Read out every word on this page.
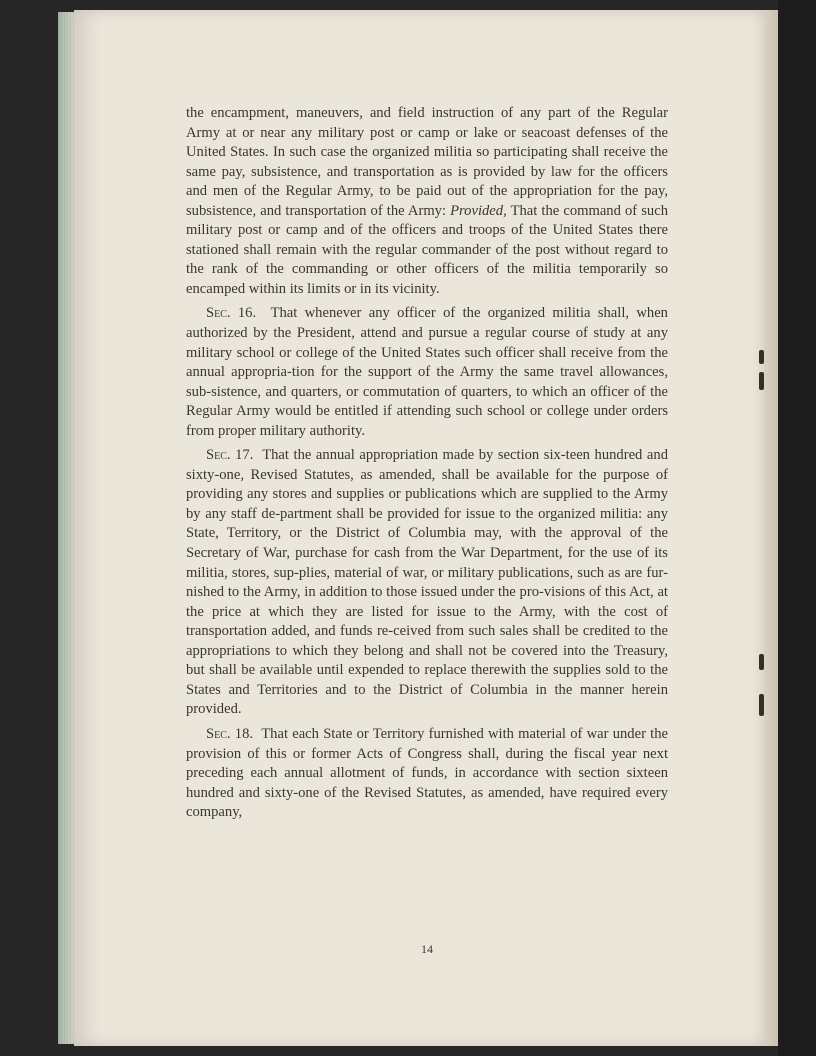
the encampment, maneuvers, and field instruction of any part of the Regular Army at or near any military post or camp or lake or seacoast defenses of the United States. In such case the organized militia so participating shall receive the same pay, subsistence, and transportation as is provided by law for the officers and men of the Regular Army, to be paid out of the appropriation for the pay, subsistence, and transportation of the Army: Provided, That the command of such military post or camp and of the officers and troops of the United States there stationed shall remain with the regular commander of the post without regard to the rank of the commanding or other officers of the militia temporarily so encamped within its limits or in its vicinity.

Sec. 16. That whenever any officer of the organized militia shall, when authorized by the President, attend and pursue a regular course of study at any military school or college of the United States such officer shall receive from the annual appropria-tion for the support of the Army the same travel allowances, sub-sistence, and quarters, or commutation of quarters, to which an officer of the Regular Army would be entitled if attending such school or college under orders from proper military authority.

Sec. 17. That the annual appropriation made by section six-teen hundred and sixty-one, Revised Statutes, as amended, shall be available for the purpose of providing any stores and supplies or publications which are supplied to the Army by any staff de-partment shall be provided for issue to the organized militia: any State, Territory, or the District of Columbia may, with the approval of the Secretary of War, purchase for cash from the War Department, for the use of its militia, stores, sup-plies, material of war, or military publications, such as are fur-nished to the Army, in addition to those issued under the pro-visions of this Act, at the price at which they are listed for issue to the Army, with the cost of transportation added, and funds re-ceived from such sales shall be credited to the appropriations to which they belong and shall not be covered into the Treasury, but shall be available until expended to replace therewith the supplies sold to the States and Territories and to the District of Columbia in the manner herein provided.

Sec. 18. That each State or Territory furnished with material of war under the provision of this or former Acts of Congress shall, during the fiscal year next preceding each annual allotment of funds, in accordance with section sixteen hundred and sixty-one of the Revised Statutes, as amended, have required every company,

14
